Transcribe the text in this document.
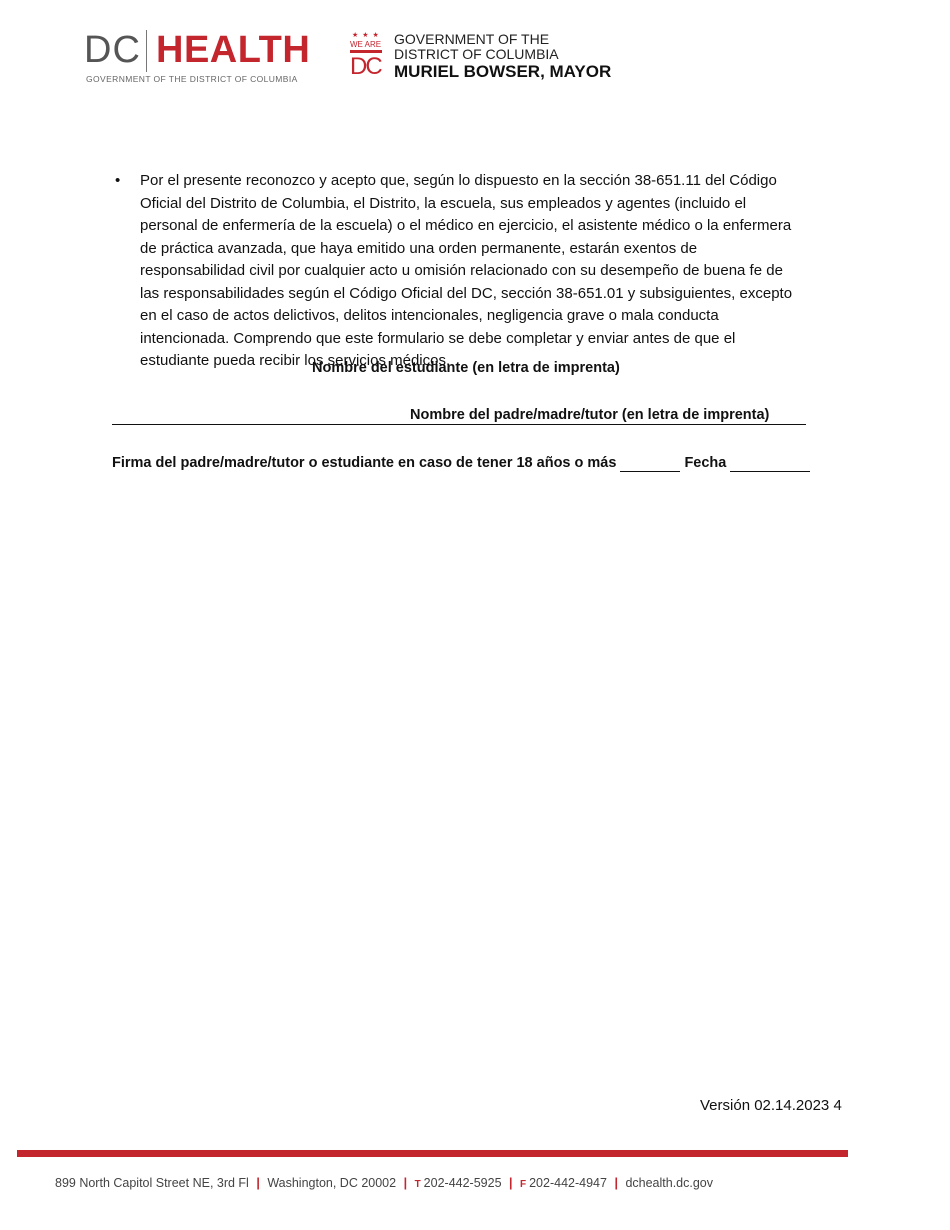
DC HEALTH
GOVERNMENT OF THE DISTRICT OF COLUMBIA
★ ★ ★
WE ARE
DC
GOVERNMENT OF THE
DISTRICT OF COLUMBIA
MURIEL BOWSER, MAYOR
• Por el presente reconozco y acepto que, según lo dispuesto en la sección 38-651.11 del Código
Oficial del Distrito de Columbia, el Distrito, la escuela, sus empleados y agentes (incluido el
personal de enfermería de la escuela) o el médico en ejercicio, el asistente médico o la enfermera
de práctica avanzada, que haya emitido una orden permanente, estarán exentos de
responsabilidad civil por cualquier acto u omisión relacionado con su desempeño de buena fe de
las responsabilidades según el Código Oficial del DC, sección 38-651.01 y subsiguientes, excepto
en el caso de actos delictivos, delitos intencionales, negligencia grave o mala conducta
intencionada. Comprendo que este formulario se debe completar y enviar antes de que el
estudiante pueda recibir los servicios médicos.
Nombre del estudiante (en letra de imprenta)
Nombre del padre/madre/tutor (en letra de imprenta)
Firma del padre/madre/tutor o estudiante en caso de tener 18 años o más	Fecha
Versión 02.14.2023 4
899 North Capitol Street NE, 3rd Fl | Washington, DC 20002 | T 202-442-5925 | F 202-442-4947 | dchealth.dc.gov
